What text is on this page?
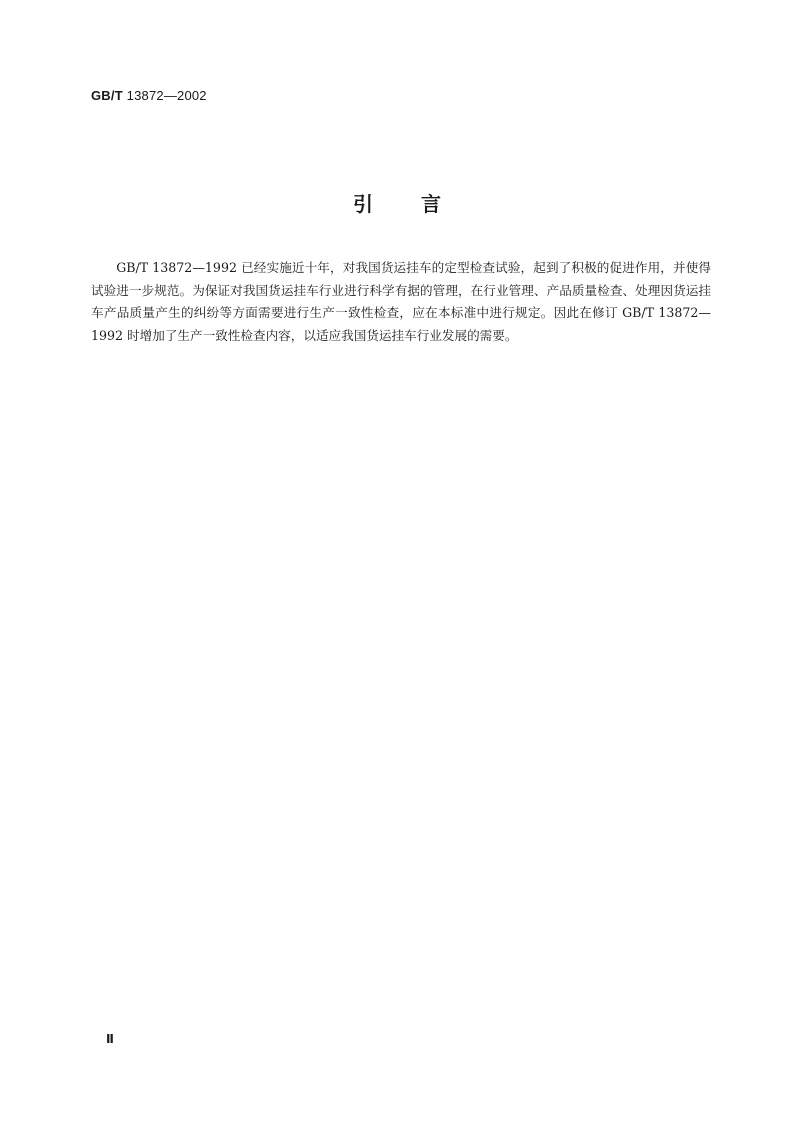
GB/T 13872—2002
引言

GB/T 13872—1992 已经实施近十年，对我国货运挂车的定型检查试验，起到了积极的促进作用，并使得试验进一步规范。为保证对我国货运挂车行业进行科学有据的管理，在行业管理、产品质量检查、处理因货运挂车产品质量产生的纠纷等方面需要进行生产一致性检查，应在本标准中进行规定。因此在修订 GB/T 13872—1992 时增加了生产一致性检查内容，以适应我国货运挂车行业发展的需要。

Ⅱ
